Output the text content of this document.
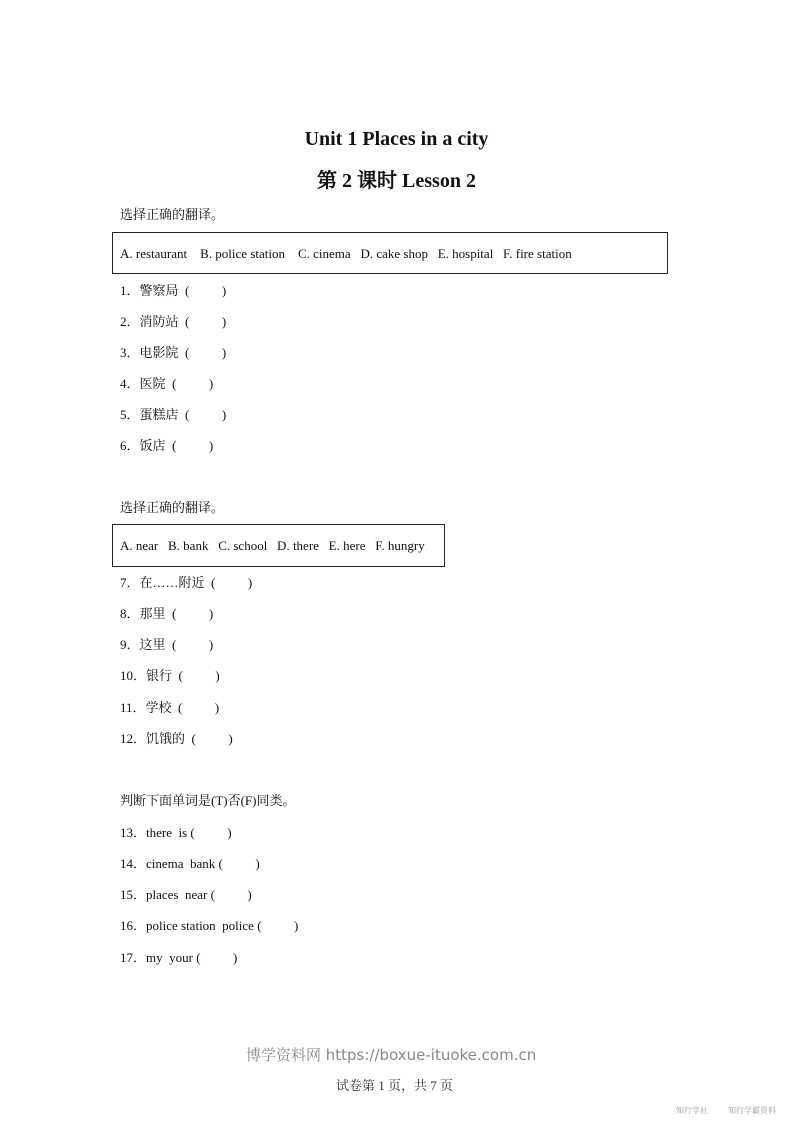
Unit 1 Places in a city
第 2 课时 Lesson 2
选择正确的翻译。
A. restaurant    B. police station    C. cinema   D. cake shop   E. hospital   F. fire station
1．警察局  (          )
2．消防站  (          )
3．电影院  (          )
4．医院  (          )
5．蛋糕店  (          )
6．饭店  (          )
选择正确的翻译。
A. near   B. bank   C. school   D. there   E. here   F. hungry
7．在……附近  (          )
8．那里  (          )
9．这里  (          )
10．银行  (          )
11．学校  (          )
12．饥饿的  (          )
判断下面单词是(T)否(F)同类。
13．there  is (          )
14．cinema  bank (          )
15．places  near (          )
16．police station  police (          )
17．my  your (          )
博学资料网 https://boxue-ituoke.com.cn
试卷第 1 页，共 7 页
知行学社	知行学霸资料
